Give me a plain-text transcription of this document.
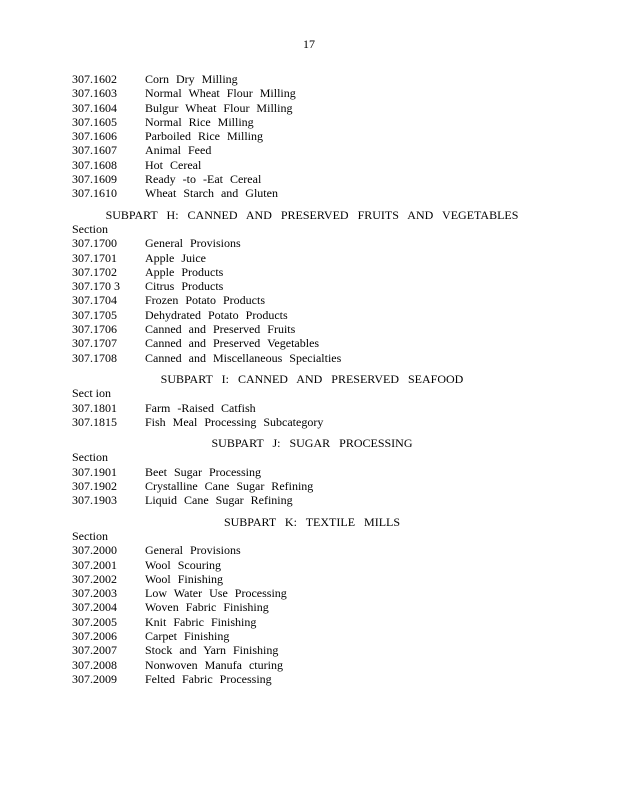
17
307.1602	Corn Dry Milling
307.1603	Normal Wheat Flour Milling
307.1604	Bulgur Wheat Flour Milling
307.1605	Normal Rice Milling
307.1606	Parboiled Rice Milling
307.1607	Animal Feed
307.1608	Hot Cereal
307.1609	Ready -to -Eat Cereal
307.1610	Wheat Starch and Gluten
SUBPART H: CANNED AND PRESERVED FRUITS AND VEGETABLES
Section
307.1700	General Provisions
307.1701	Apple Juice
307.1702	Apple Products
307.170 3	Citrus Products
307.1704	Frozen Potato Products
307.1705	Dehydrated Potato Products
307.1706	Canned and Preserved Fruits
307.1707	Canned and Preserved Vegetables
307.1708	Canned and Miscellaneous Specialties
SUBPART I: CANNED AND PRESERVED SEAFOOD
Sect ion
307.1801	Farm -Raised Catfish
307.1815	Fish Meal Processing Subcategory
SUBPART J: SUGAR PROCESSING
Section
307.1901	Beet Sugar Processing
307.1902	Crystalline Cane Sugar Refining
307.1903	Liquid Cane Sugar Refining
SUBPART K: TEXTILE MILLS
Section
307.2000	General Provisions
307.2001	Wool Scouring
307.2002	Wool Finishing
307.2003	Low Water Use Processing
307.2004	Woven Fabric Finishing
307.2005	Knit Fabric Finishing
307.2006	Carpet Finishing
307.2007	Stock and Yarn Finishing
307.2008	Nonwoven Manufa cturing
307.2009	Felted Fabric Processing
